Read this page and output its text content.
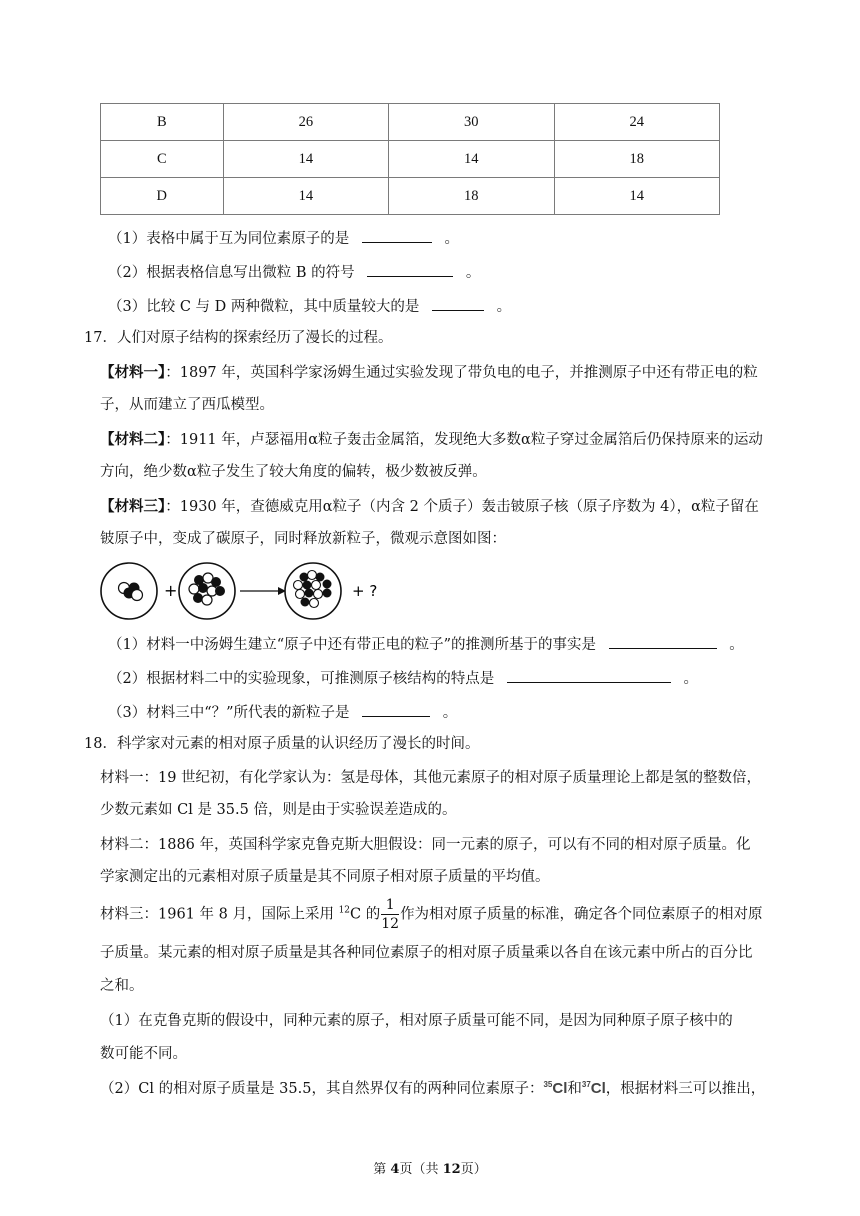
B	26	30	24
C	14	14	18
D	14	18	14
（1）表格中属于互为同位素原子的是	。
（2）根据表格信息写出微粒 B 的符号	。
（3）比较 C 与 D 两种微粒，其中质量较大的是	。
17．人们对原子结构的探索经历了漫长的过程。
【材料一】：1897 年，英国科学家汤姆生通过实验发现了带负电的电子，并推测原子中还有带正电的粒
子，从而建立了西瓜模型。
【材料二】：1911 年，卢瑟福用α粒子轰击金属箔，发现绝大多数α粒子穿过金属箔后仍保持原来的运动
方向，绝少数α粒子发生了较大角度的偏转，极少数被反弹。
【材料三】：1930 年，查德威克用α粒子（内含 2 个质子）轰击铍原子核（原子序数为 4），α粒子留在
铍原子中，变成了碳原子，同时释放新粒子，微观示意图如图：
+	+ ?
（1）材料一中汤姆生建立“原子中还有带正电的粒子”的推测所基于的事实是	。
（2）根据材料二中的实验现象，可推测原子核结构的特点是	。
（3）材料三中“？”所代表的新粒子是	。
18．科学家对元素的相对原子质量的认识经历了漫长的时间。
材料一：19 世纪初，有化学家认为：氢是母体，其他元素原子的相对原子质量理论上都是氢的整数倍，
少数元素如 Cl 是 35.5 倍，则是由于实验误差造成的。
材料二：1886 年，英国科学家克鲁克斯大胆假设：同一元素的原子，可以有不同的相对原子质量。化
学家测定出的元素相对原子质量是其不同原子相对原子质量的平均值。
材料三：1961 年 8 月，国际上采用 $^{12}$C 的 $\frac{1}{12}$ 作为相对原子质量的标准，确定各个同位素原子的相对原
子质量。某元素的相对原子质量是其各种同位素原子的相对原子质量乘以各自在该元素中所占的百分比
之和。
（1）在克鲁克斯的假设中，同种元素的原子，相对原子质量可能不同，是因为同种原子原子核中的
数可能不同。
（2）Cl 的相对原子质量是 35.5，其自然界仅有的两种同位素原子：$^{35}$Cl和$^{37}$Cl，根据材料三可以推出，
第 4页（共 12页）
